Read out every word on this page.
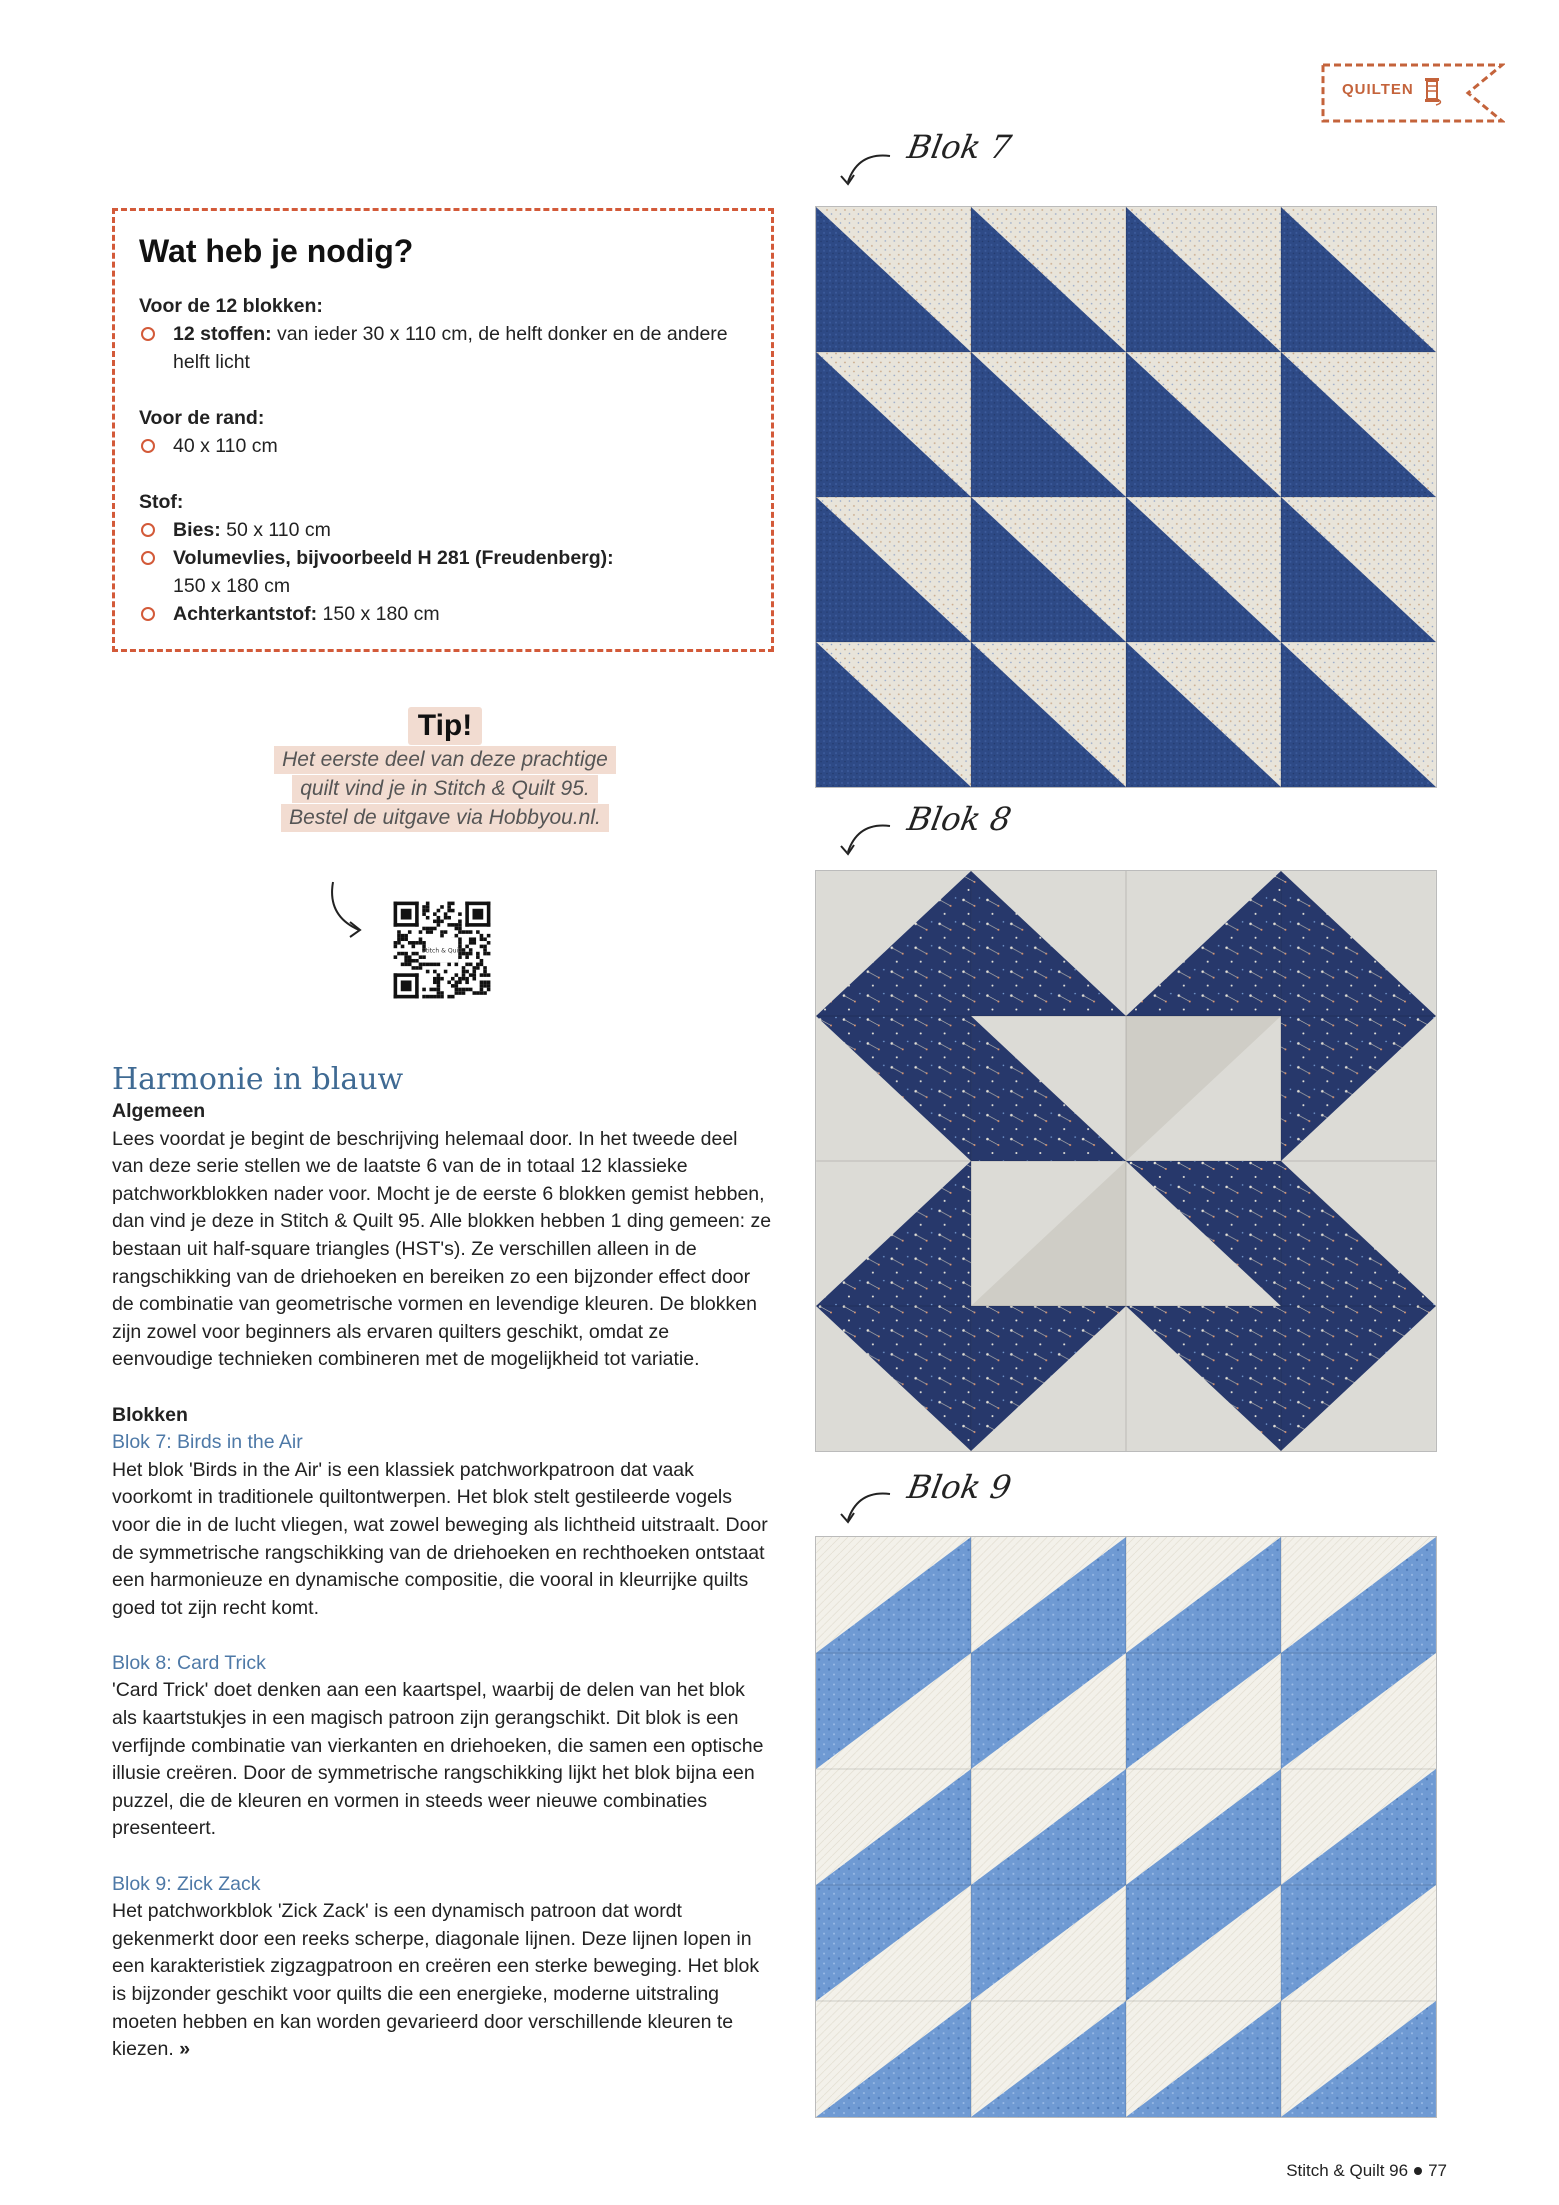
QUILTEN
Blok 7
Blok 8
Blok 9
Wat heb je nodig?
Voor de 12 blokken:
12 stoffen: van ieder 30 x 110 cm, de helft donker en de andere helft licht
Voor de rand:
40 x 110 cm
Stof:
Bies: 50 x 110 cm
Volumevlies, bijvoorbeeld H 281 (Freudenberg):
150 x 180 cm
Achterkantstof: 150 x 180 cm
Tip!
Het eerste deel van deze prachtige
quilt vind je in Stitch & Quilt 95.
Bestel de uitgave via Hobbyou.nl.
Stitch & Quilt
Harmonie in blauw
Algemeen
Lees voordat je begint de beschrijving helemaal door. In het tweede deel van deze serie stellen we de laatste 6 van de in totaal 12 klassieke patchworkblokken nader voor. Mocht je de eerste 6 blokken gemist hebben, dan vind je deze in Stitch & Quilt 95. Alle blokken hebben 1 ding gemeen: ze bestaan uit half-square triangles (HST's). Ze verschillen alleen in de rangschikking van de driehoeken en bereiken zo een bijzonder effect door de combinatie van geometrische vormen en levendige kleuren. De blokken zijn zowel voor beginners als ervaren quilters geschikt, omdat ze eenvoudige technieken combineren met de mogelijkheid tot variatie.
Blokken
Blok 7: Birds in the Air
Het blok 'Birds in the Air' is een klassiek patchworkpatroon dat vaak voorkomt in traditionele quiltontwerpen. Het blok stelt gestileerde vogels voor die in de lucht vliegen, wat zowel beweging als lichtheid uitstraalt. Door de symmetrische rangschikking van de driehoeken en rechthoeken ontstaat een harmonieuze en dynamische compositie, die vooral in kleurrijke quilts goed tot zijn recht komt.
Blok 8: Card Trick
'Card Trick' doet denken aan een kaartspel, waarbij de delen van het blok als kaartstukjes in een magisch patroon zijn gerangschikt. Dit blok is een verfijnde combinatie van vierkanten en driehoeken, die samen een optische illusie creëren. Door de symmetrische rangschikking lijkt het blok bijna een puzzel, die de kleuren en vormen in steeds weer nieuwe combinaties presenteert.
Blok 9: Zick Zack
Het patchworkblok 'Zick Zack' is een dynamisch patroon dat wordt gekenmerkt door een reeks scherpe, diagonale lijnen. Deze lijnen lopen in een karakteristiek zigzagpatroon en creëren een sterke beweging. Het blok is bijzonder geschikt voor quilts die een energieke, moderne uitstraling moeten hebben en kan worden gevarieerd door verschillende kleuren te kiezen. »
Stitch & Quilt 96 77
